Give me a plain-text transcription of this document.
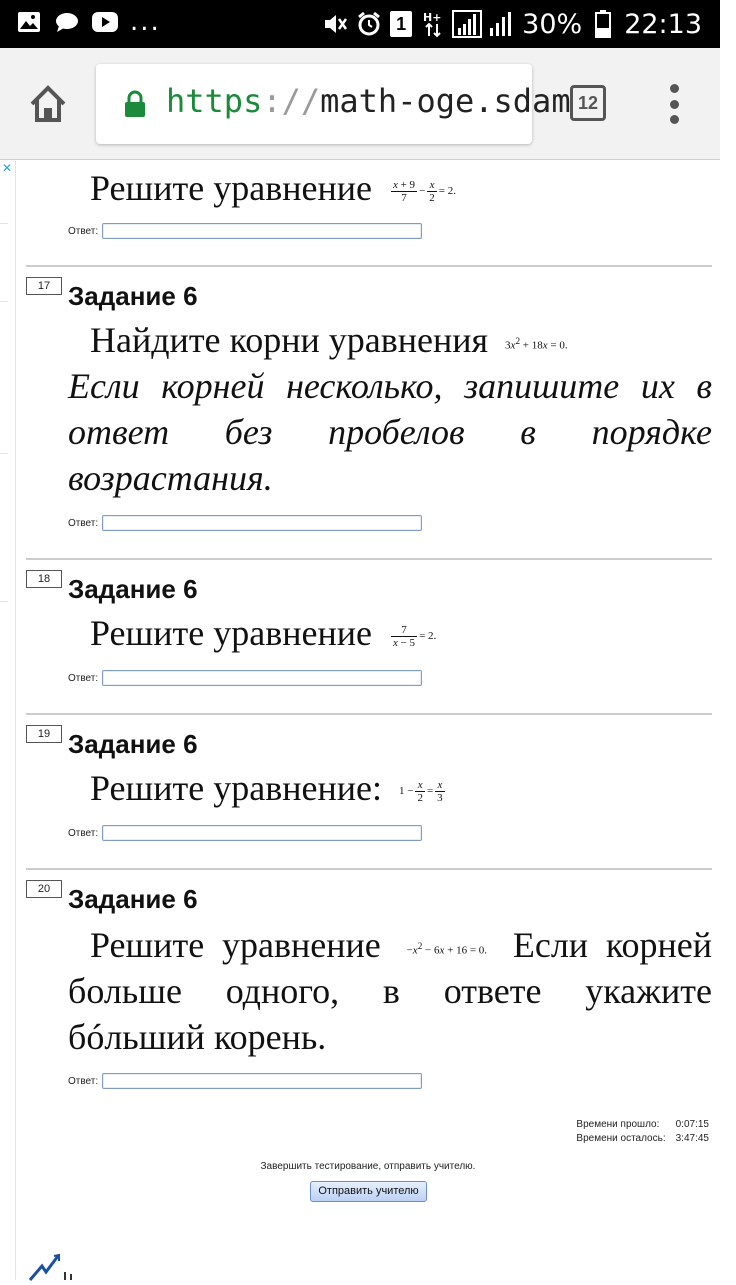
...	1	H+	30% 22:13
https://math-oge.sdam 12
✕	Решите уравнение $\frac{x + 9}{7} - \frac{x}{2} = 2$.
Ответ:
17 Задание 6
Найдите корни уравнения $3x^2 + 18x = 0$.
Если корней несколько, запишите их в ответ без пробелов в порядке возрастания.
Ответ:
18 Задание 6
Решите уравнение $\frac{7}{x - 5} = 2$.
Ответ:
19 Задание 6
Решите уравнение: $1 - \frac{x}{2} = \frac{x}{3}$
Ответ:
20 Задание 6
Решите уравнение $-x^2 - 6x + 16 = 0$. Если корней больше одного, в ответе укажите бóльший корень.
Ответ:
Времени прошло: 0:07:15
Времени осталось: 3:47:45
Завершить тестирование, отправить учителю.
Отправить учителю
